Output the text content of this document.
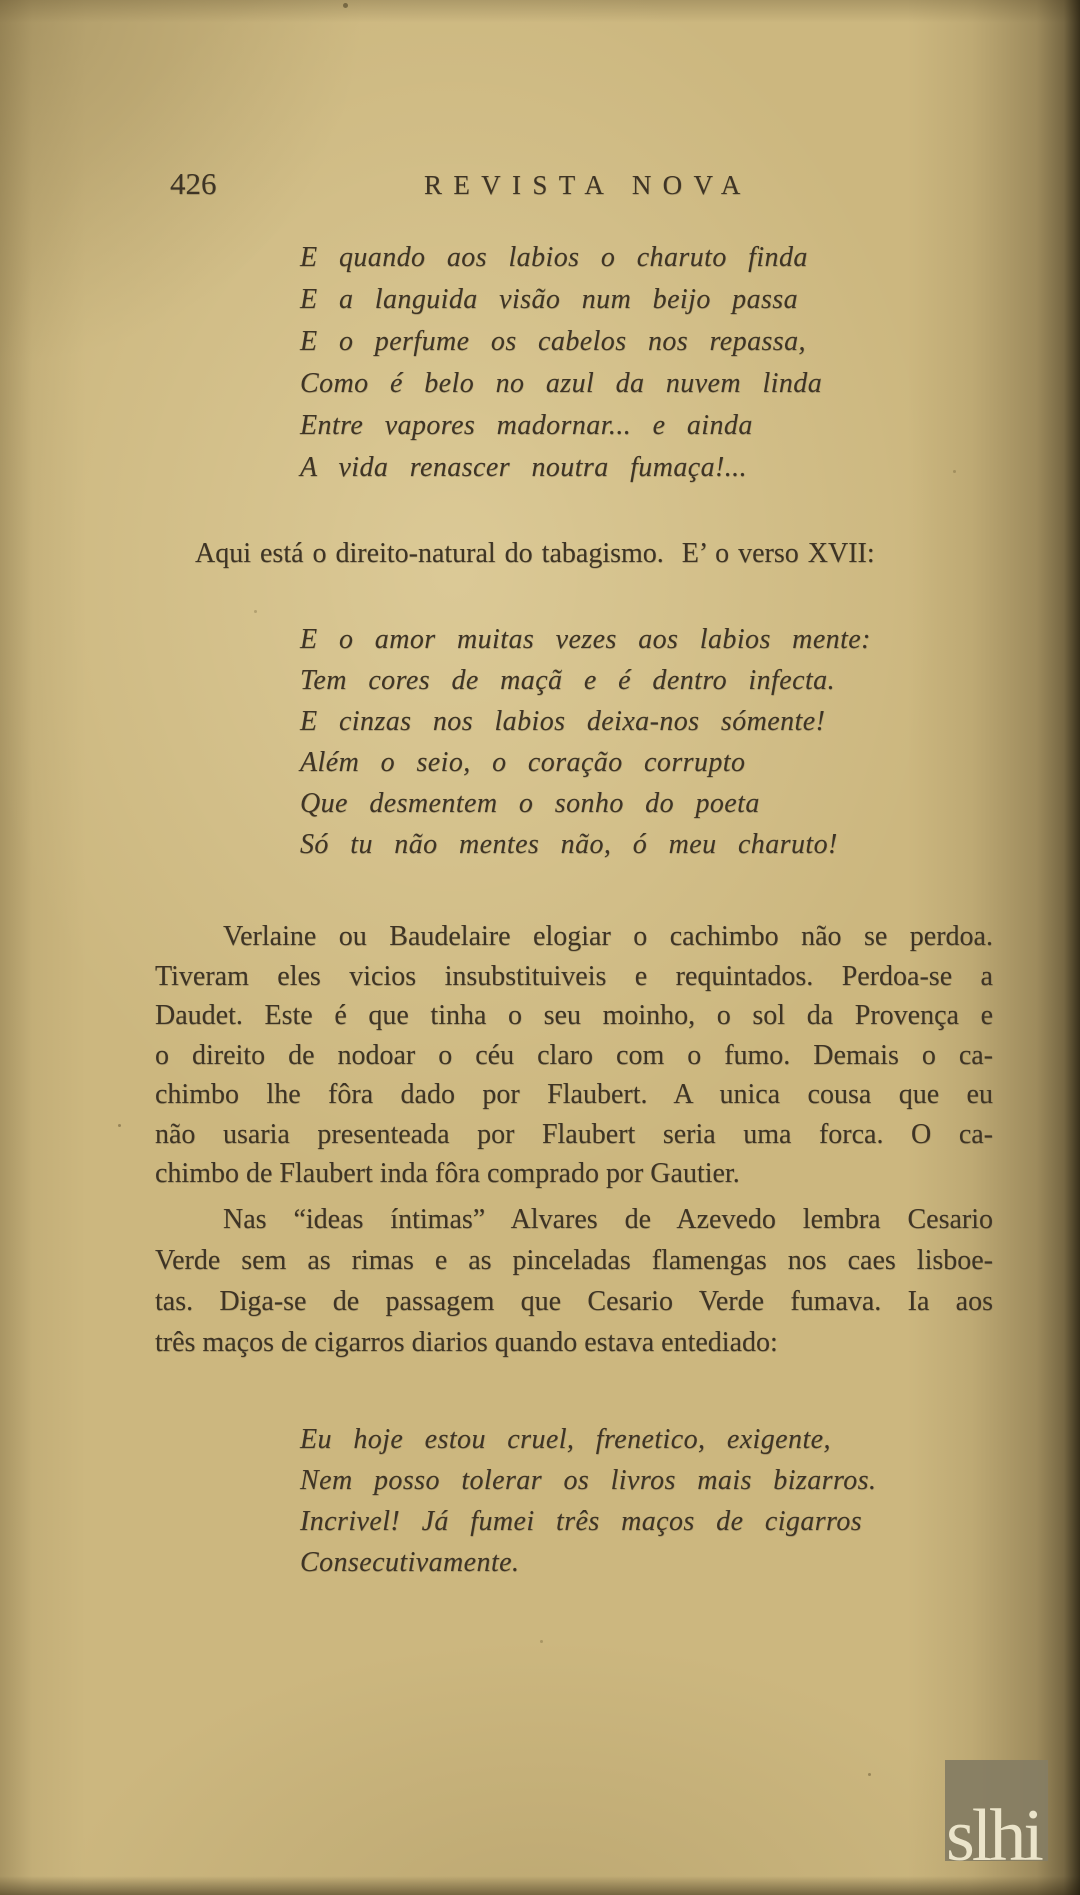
426	REVISTA NOVA
E quando aos labios o charuto finda
E a languida visão num beijo passa
E o perfume os cabelos nos repassa,
Como é belo no azul da nuvem linda
Entre vapores madornar... e ainda
A vida renascer noutra fumaça!...
Aqui está o direito-natural do tabagismo.  E’ o verso XVII:
E o amor muitas vezes aos labios mente:
Tem cores de maçã e é dentro infecta.
E cinzas nos labios deixa-nos sómente!
Além o seio, o coração corrupto
Que desmentem o sonho do poeta
Só tu não mentes não, ó meu charuto!
Verlaine ou Baudelaire elogiar o cachimbo não se perdoa.
Tiveram eles vicios insubstituiveis e requintados. Perdoa-se a
Daudet. Este é que tinha o seu moinho, o sol da Provença e
o direito de nodoar o céu claro com o fumo. Demais o ca-
chimbo lhe fôra dado por Flaubert. A unica cousa que eu
não usaria presenteada por Flaubert seria uma forca. O ca-
chimbo de Flaubert inda fôra comprado por Gautier.
Nas “ideas íntimas” Alvares de Azevedo lembra Cesario
Verde sem as rimas e as pinceladas flamengas nos caes lisboe-
tas. Diga-se de passagem que Cesario Verde fumava. Ia aos
três maços de cigarros diarios quando estava entediado:
Eu hoje estou cruel, frenetico, exigente,
Nem posso tolerar os livros mais bizarros.
Incrivel! Já fumei três maços de cigarros
Consecutivamente.
slhi
